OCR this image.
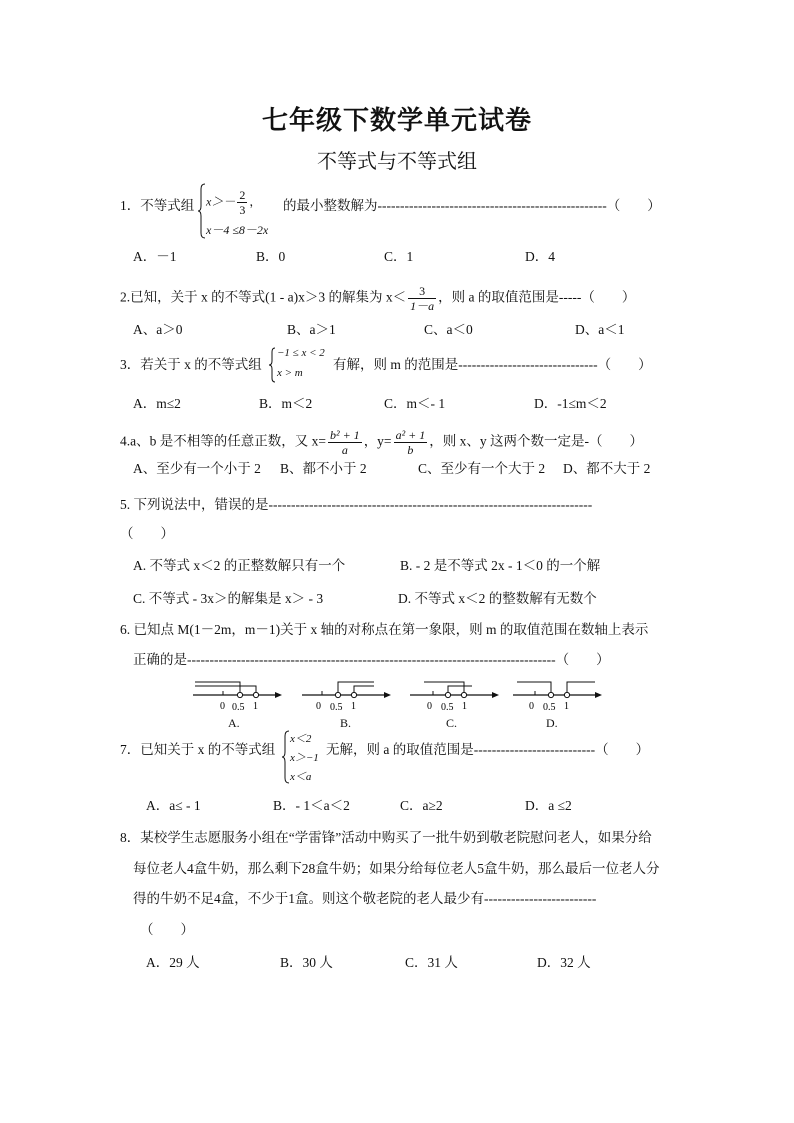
七年级下数学单元试卷
不等式与不等式组
1．不等式组 $x>- \frac{2}{3}$ ，
x－4 ≤8－2x
的最小整数解为---------------------------------------------------（　　）
A．－1	B．0	C．1	D．4
2.已知，关于 x 的不等式(1 - a)x＞3 的解集为 $x< \frac{3}{1-a}$ ，则 a 的取值范围是-----（　　）
A、a＞0	B、a＞1	C、a＜0	D、a＜1
3．若关于 x 的不等式组
−1 ≤ x < 2
x > m
有解，则 m 的范围是-------------------------------（　　）
A．m≤2	B．m＜2	C．m＜- 1	D．-1≤m＜2
4.a、b 是不相等的任意正数，又 $x= \frac{\text{b² + 1}}{a}$ ，$y= \frac{\text{a² + 1}}{b}$ ，则 x、y 这两个数一定是-（　　）
A、至少有一个小于 2 B、都不小于 2	C、至少有一个大于 2 D、都不大于 2
5. 下列说法中，错误的是------------------------------------------------------------------------
（　　）
A. 不等式 x＜2 的正整数解只有一个	B. - 2 是不等式 2x - 1＜0 的一个解
C. 不等式 - 3x＞的解集是 x＞ - 3	D. 不等式 x＜2 的整数解有无数个
6. 已知点 M(1－2m，m－1)关于 x 轴的对称点在第一象限，则 m 的取值范围在数轴上表示
正确的是----------------------------------------------------------------------------------（　　）
0 0.5 1
A.
0 0.5 1
B.
0 0.5 1
C.
0 0.5 1
D.
7．已知关于 x 的不等式组
x＜2
x＞−1
x＜a
无解，则 a 的取值范围是---------------------------（　　）
A．a≤ - 1	B．- 1＜a＜2	C．a≥2	D．a ≤2
8．某校学生志愿服务小组在“学雷锋”活动中购买了一批牛奶到敬老院慰问老人，如果分给
每位老人4盒牛奶，那么剩下28盒牛奶；如果分给每位老人5盒牛奶，那么最后一位老人分
得的牛奶不足4盒，不少于1盒。则这个敬老院的老人最少有-------------------------
（　　）
A．29 人	B．30 人	C．31 人	D．32 人
